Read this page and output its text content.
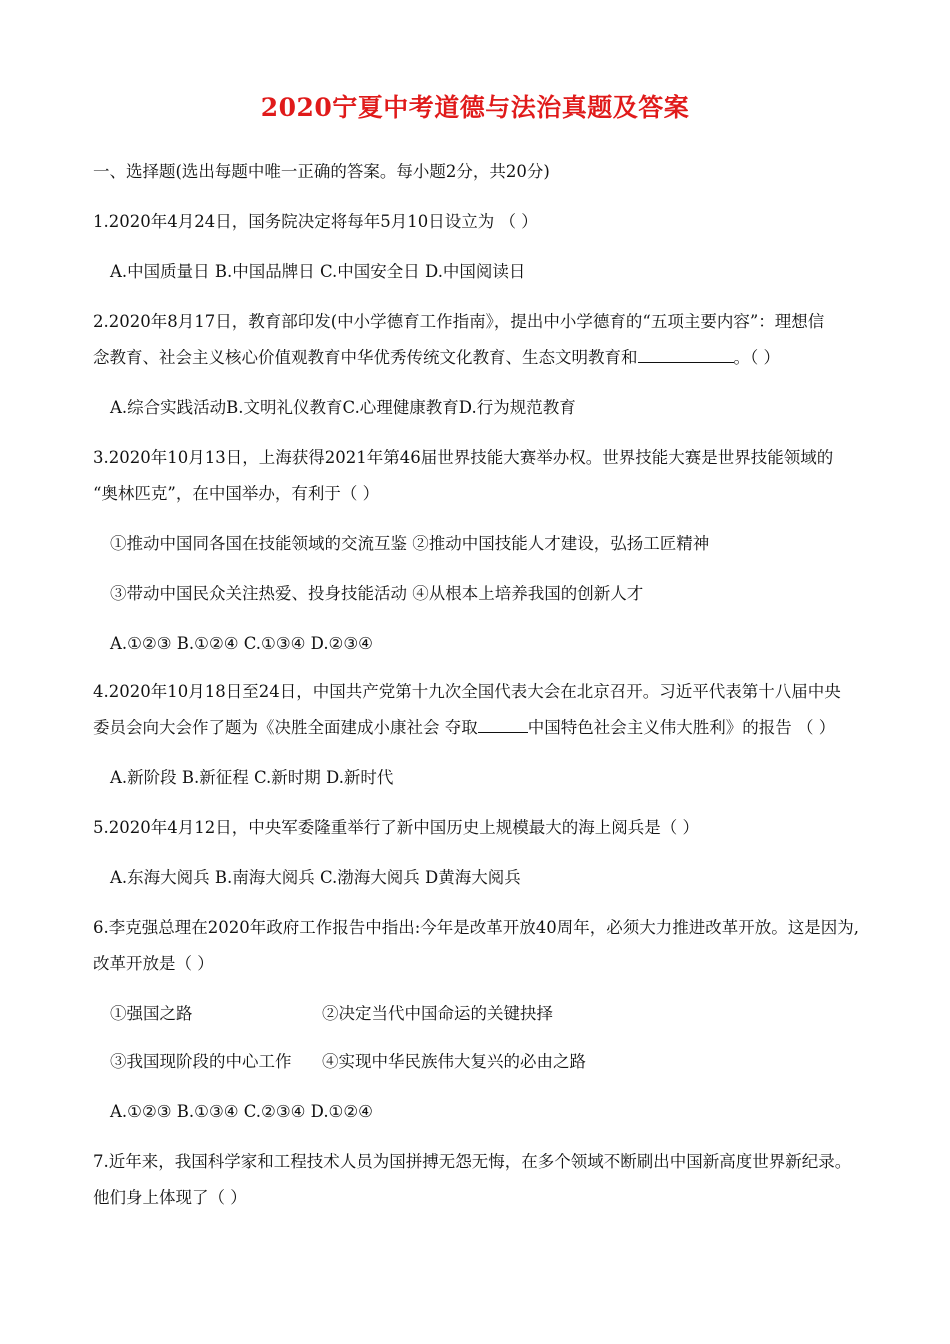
2020宁夏中考道德与法治真题及答案
一、选择题(选出每题中唯一正确的答案。每小题2分，共20分)
1.2020年4月24日，国务院决定将每年5月10日设立为 （ ）
A.中国质量日 B.中国品牌日 C.中国安全日 D.中国阅读日
2.2020年8月17日，教育部印发(中小学德育工作指南》，提出中小学德育的“五项主要内容”：理想信
念教育、社会主义核心价值观教育中华优秀传统文化教育、生态文明教育和	。（ ）
A.综合实践活动B.文明礼仪教育C.心理健康教育D.行为规范教育
3.2020年10月13日，上海获得2021年第46届世界技能大赛举办权。世界技能大赛是世界技能领域的
“奥林匹克”，在中国举办，有利于（ ）
①推动中国同各国在技能领域的交流互鉴 ②推动中国技能人才建设，弘扬工匠精神
③带动中国民众关注热爱、投身技能活动 ④从根本上培养我国的创新人才
A.①②③ B.①②④ C.①③④ D.②③④
4.2020年10月18日至24日，中国共产党第十九次全国代表大会在北京召开。习近平代表第十八届中央
委员会向大会作了题为《决胜全面建成小康社会 夺取	中国特色社会主义伟大胜利》的报告 （ ）
A.新阶段 B.新征程 C.新时期 D.新时代
5.2020年4月12日，中央军委隆重举行了新中国历史上规模最大的海上阅兵是（ ）
A.东海大阅兵 B.南海大阅兵 C.渤海大阅兵 D黄海大阅兵
6.李克强总理在2020年政府工作报告中指出:今年是改革开放40周年，必须大力推进改革开放。这是因为,
改革开放是（ ）
①强国之路	②决定当代中国命运的关键抉择
③我国现阶段的中心工作 ④实现中华民族伟大复兴的必由之路
A.①②③ B.①③④ C.②③④ D.①②④
7.近年来，我国科学家和工程技术人员为国拼搏无怨无悔，在多个领域不断刷出中国新高度世界新纪录。
他们身上体现了（ ）
